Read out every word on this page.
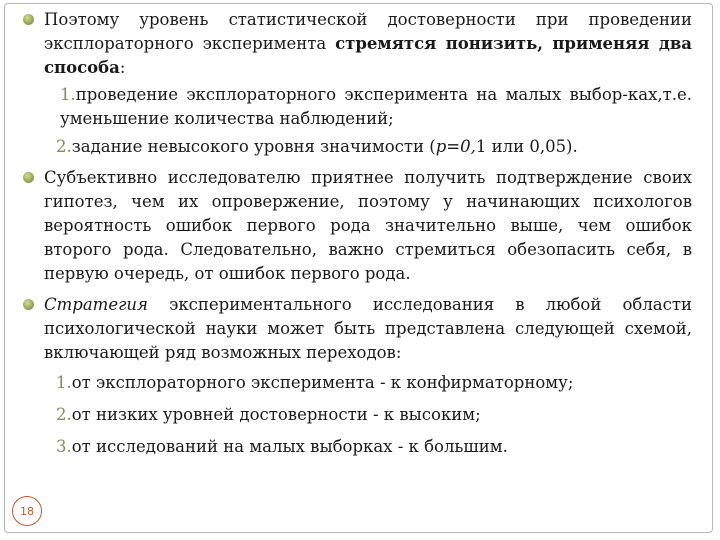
Поэтому уровень статистической достоверности при проведении эксплораторного эксперимента стремятся понизить, применяя два способа:
1.проведение эксплораторного эксперимента на малых выбор-ках,т.е. уменьшение количества наблюдений;
2.задание невысокого уровня значимости (p=0,1 или 0,05).
Субъективно исследователю приятнее получить подтверждение своих гипотез, чем их опровержение, поэтому у начинающих психологов вероятность ошибок первого рода значительно выше, чем ошибок второго рода. Следовательно, важно стремиться обезопасить себя, в первую очередь, от ошибок первого рода.
Стратегия экспериментального исследования в любой области психологической науки может быть представлена следующей схемой, включающей ряд возможных переходов:
1.от эксплораторного эксперимента - к конфирматорному;
2.от низких уровней достоверности - к высоким;
3.от исследований на малых выборках - к большим.
18
